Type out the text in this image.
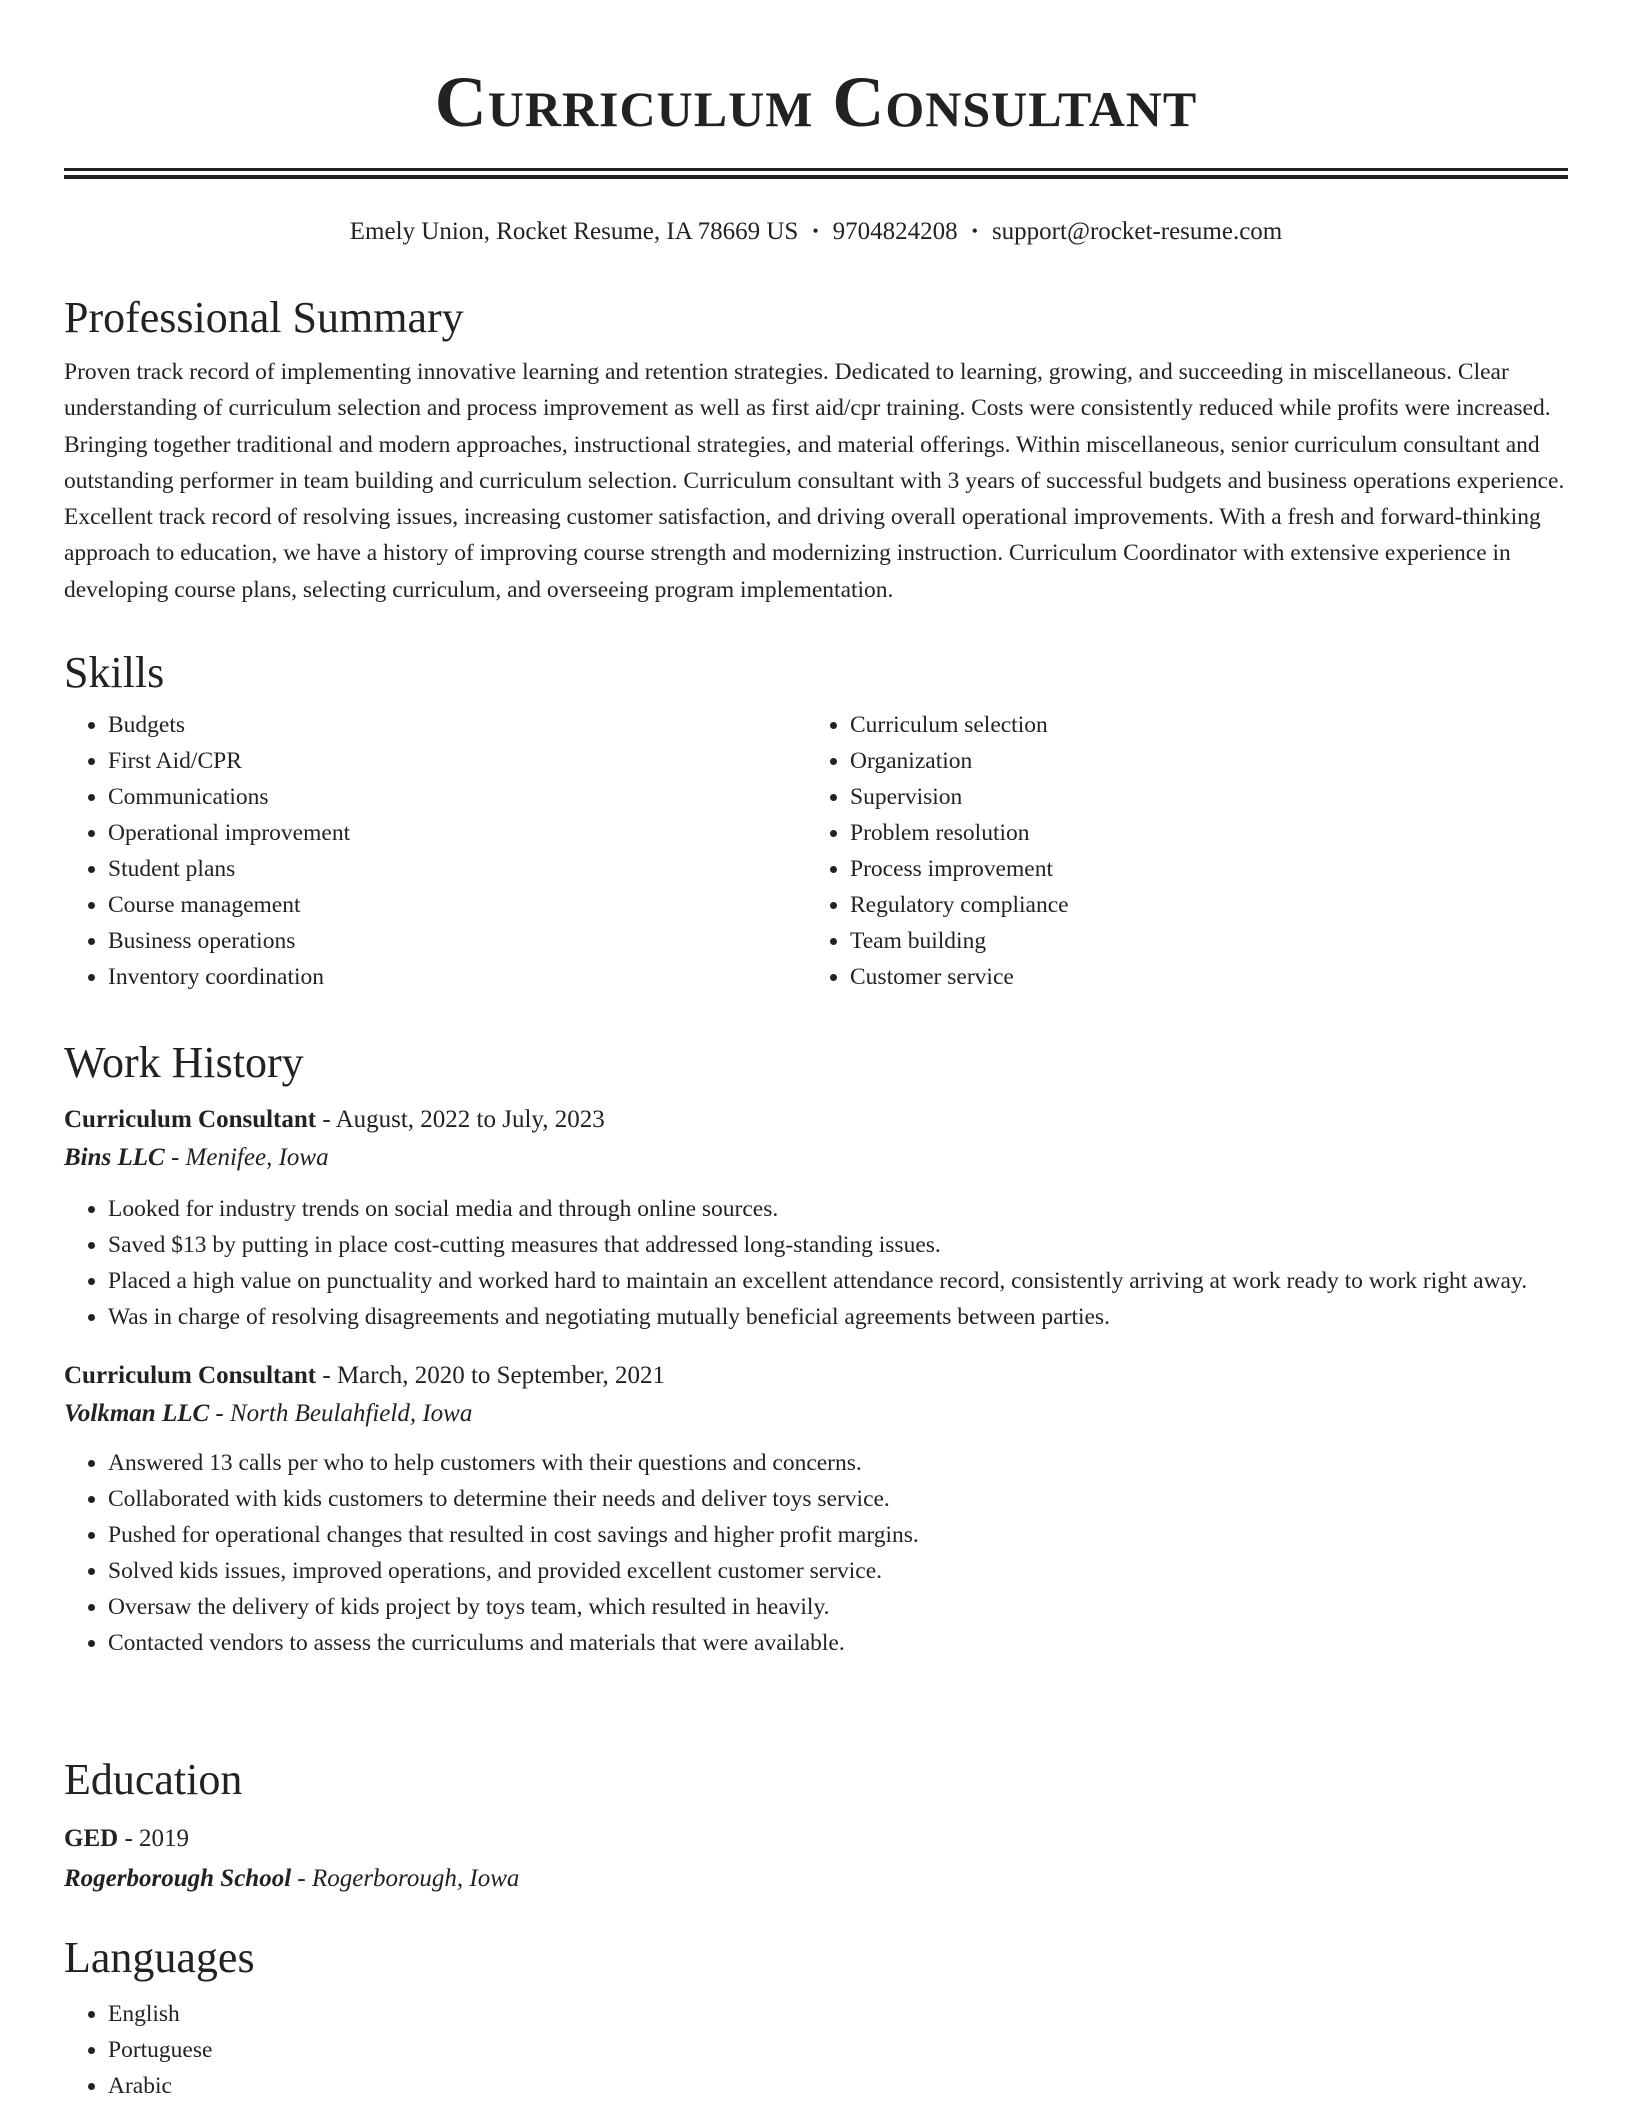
Curriculum Consultant
Emely Union, Rocket Resume, IA 78669 US • 9704824208 • support@rocket-resume.com
Professional Summary

Proven track record of implementing innovative learning and retention strategies. Dedicated to learning, growing, and succeeding in miscellaneous. Clear understanding of curriculum selection and process improvement as well as first aid/cpr training. Costs were consistently reduced while profits were increased. Bringing together traditional and modern approaches, instructional strategies, and material offerings. Within miscellaneous, senior curriculum consultant and outstanding performer in team building and curriculum selection. Curriculum consultant with 3 years of successful budgets and business operations experience. Excellent track record of resolving issues, increasing customer satisfaction, and driving overall operational improvements. With a fresh and forward-thinking approach to education, we have a history of improving course strength and modernizing instruction. Curriculum Coordinator with extensive experience in developing course plans, selecting curriculum, and overseeing program implementation.

Skills
• Budgets
• First Aid/CPR
• Communications
• Operational improvement
• Student plans
• Course management
• Business operations
• Inventory coordination
• Curriculum selection
• Organization
• Supervision
• Problem resolution
• Process improvement
• Regulatory compliance
• Team building
• Customer service
Work History

Curriculum Consultant - August, 2022 to July, 2023

Bins LLC - Menifee, Iowa

• Looked for industry trends on social media and through online sources.
• Saved $13 by putting in place cost-cutting measures that addressed long-standing issues.
• Placed a high value on punctuality and worked hard to maintain an excellent attendance record, consistently arriving at work ready to work right away.
• Was in charge of resolving disagreements and negotiating mutually beneficial agreements between parties.

Curriculum Consultant - March, 2020 to September, 2021

Volkman LLC - North Beulahfield, Iowa

• Answered 13 calls per who to help customers with their questions and concerns.
• Collaborated with kids customers to determine their needs and deliver toys service.
• Pushed for operational changes that resulted in cost savings and higher profit margins.
• Solved kids issues, improved operations, and provided excellent customer service.
• Oversaw the delivery of kids project by toys team, which resulted in heavily.
• Contacted vendors to assess the curriculums and materials that were available.
Education

GED - 2019

Rogerborough School - Rogerborough, Iowa

Languages
• English
• Portuguese
• Arabic
